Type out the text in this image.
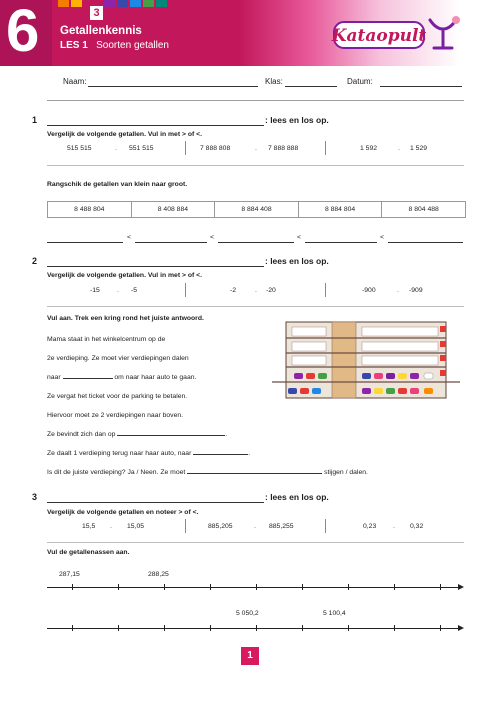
6	3
Getallenkennis
LES 1 Soorten getallen	Kataopult
Naam:	Klas:	Datum:
1	: lees en los op.
Vergelijk de volgende getallen. Vul in met > of <.
515 515	. 551 515	7 888 808	. 7 888 888	1 592	. 1 529
Rangschik de getallen van klein naar groot.
8 488 804	8 408 884	8 884 408	8 884 804	8 804 488
<	<	<	<
2	: lees en los op.
Vergelijk de volgende getallen. Vul in met > of <.
-15 . -5	-2	. -20	-900	. -909
Vul aan. Trek een kring rond het juiste antwoord.
Mama staat in het winkelcentrum op de
2e verdieping. Ze moet vier verdiepingen dalen
naar	om naar haar auto te gaan.
Ze vergat het ticket voor de parking te betalen.
Hiervoor moet ze 2 verdiepingen naar boven.
Ze bevindt zich dan op	.
Ze daalt 1 verdieping terug naar haar auto, naar	.
Is dit de juiste verdieping? Ja / Neen. Ze moet	stijgen / dalen.
3	: lees en los op.
Vergelijk de volgende getallen en noteer > of <.
15,5 . 15,05	885,205	. 885,255	0,23 . 0,32
Vul de getallenassen aan.
287,15	288,25
5 050,2	5 100,4
1
